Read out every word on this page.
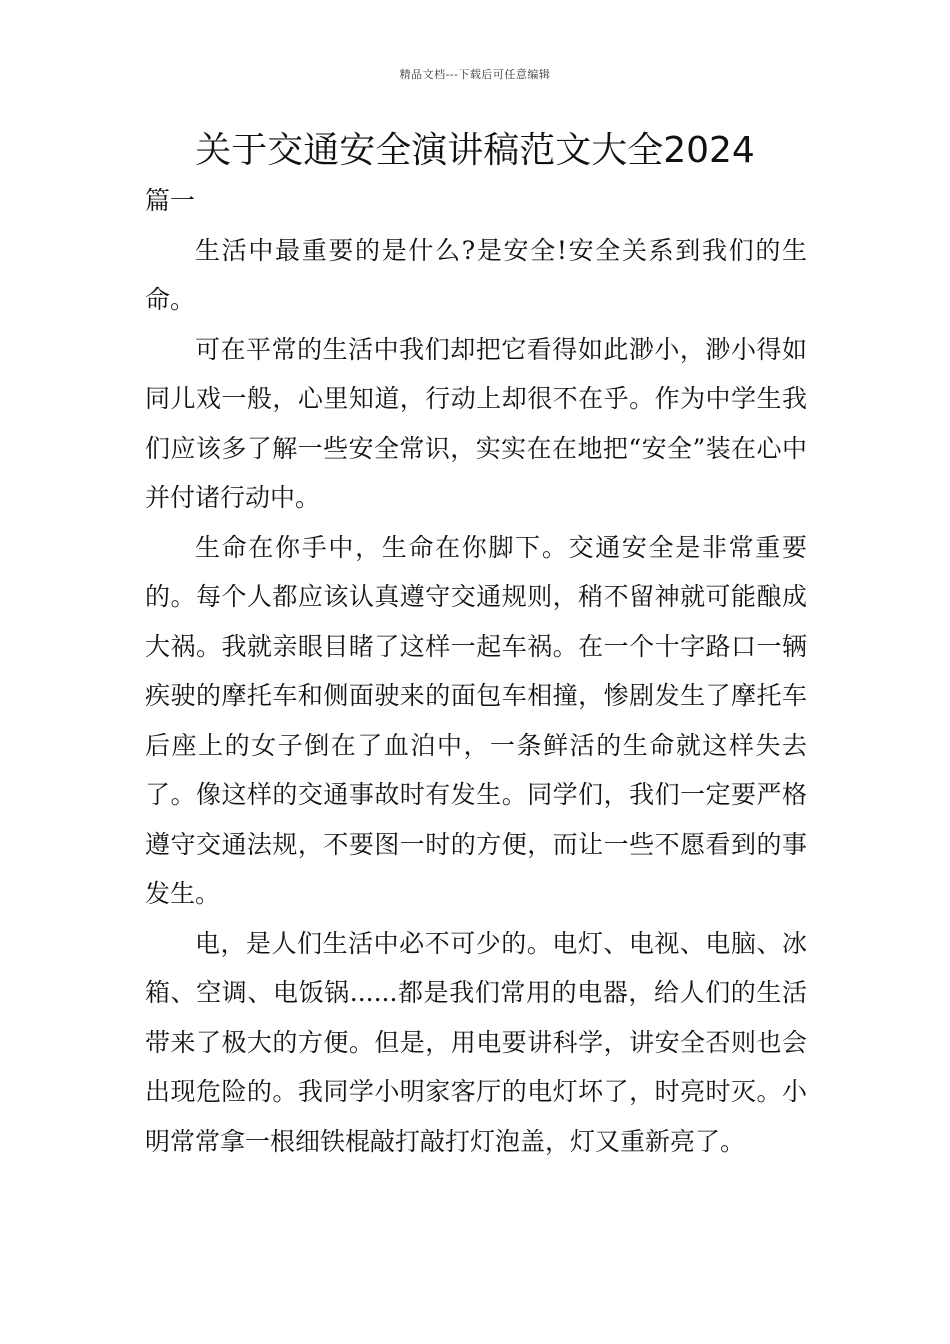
精品文档---下载后可任意编辑
关于交通安全演讲稿范文大全2024

篇一

生活中最重要的是什么?是安全!安全关系到我们的生命。

可在平常的生活中我们却把它看得如此渺小，渺小得如同儿戏一般，心里知道，行动上却很不在乎。作为中学生我们应该多了解一些安全常识，实实在在地把“安全”装在心中并付诸行动中。

生命在你手中，生命在你脚下。交通安全是非常重要的。每个人都应该认真遵守交通规则，稍不留神就可能酿成大祸。我就亲眼目睹了这样一起车祸。在一个十字路口一辆疾驶的摩托车和侧面驶来的面包车相撞，惨剧发生了摩托车后座上的女子倒在了血泊中，一条鲜活的生命就这样失去了。像这样的交通事故时有发生。同学们，我们一定要严格遵守交通法规，不要图一时的方便，而让一些不愿看到的事发生。

电，是人们生活中必不可少的。电灯、电视、电脑、冰箱、空调、电饭锅......都是我们常用的电器，给人们的生活带来了极大的方便。但是，用电要讲科学，讲安全否则也会出现危险的。我同学小明家客厅的电灯坏了，时亮时灭。小明常常拿一根细铁棍敲打敲打灯泡盖，灯又重新亮了。
